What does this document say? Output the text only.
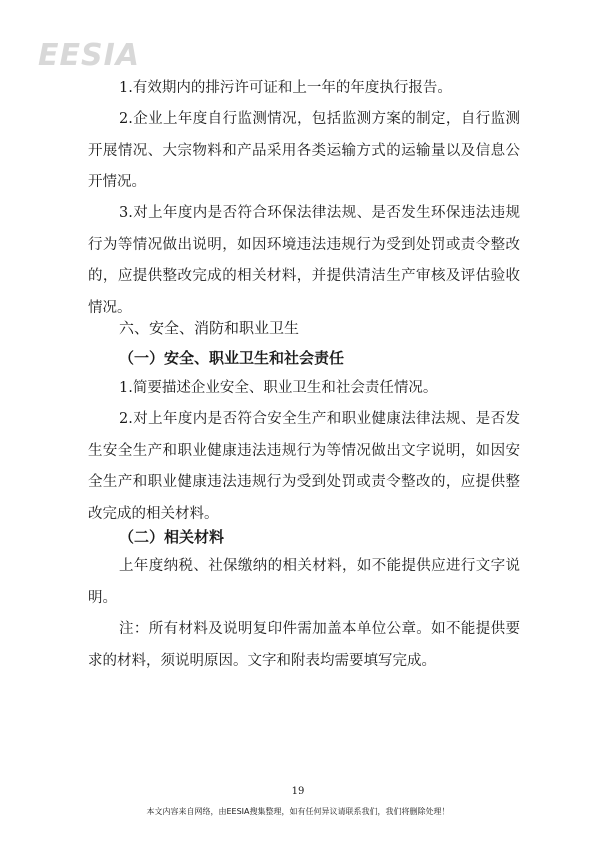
EESIA
1.有效期内的排污许可证和上一年的年度执行报告。
2.企业上年度自行监测情况，包括监测方案的制定，自行监测开展情况、大宗物料和产品采用各类运输方式的运输量以及信息公开情况。
3.对上年度内是否符合环保法律法规、是否发生环保违法违规行为等情况做出说明，如因环境违法违规行为受到处罚或责令整改的，应提供整改完成的相关材料，并提供清洁生产审核及评估验收情况。
六、安全、消防和职业卫生
（一）安全、职业卫生和社会责任
1.简要描述企业安全、职业卫生和社会责任情况。
2.对上年度内是否符合安全生产和职业健康法律法规、是否发生安全生产和职业健康违法违规行为等情况做出文字说明，如因安全生产和职业健康违法违规行为受到处罚或责令整改的，应提供整改完成的相关材料。
（二）相关材料
上年度纳税、社保缴纳的相关材料，如不能提供应进行文字说明。
注：所有材料及说明复印件需加盖本单位公章。如不能提供要求的材料，须说明原因。文字和附表均需要填写完成。
19
本文内容来自网络，由EESIA搜集整理，如有任何异议请联系我们，我们将删除处理！
